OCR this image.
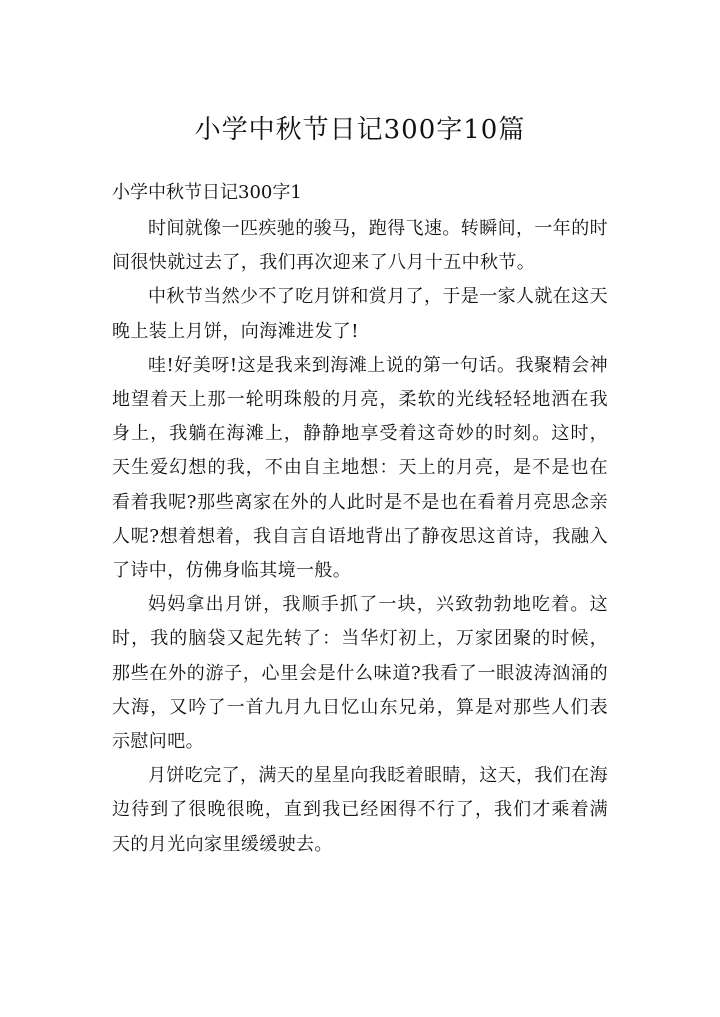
小学中秋节日记300字10篇
小学中秋节日记300字1

时间就像一匹疾驰的骏马，跑得飞速。转瞬间，一年的时间很快就过去了，我们再次迎来了八月十五中秋节。

中秋节当然少不了吃月饼和赏月了，于是一家人就在这天晚上装上月饼，向海滩进发了!

哇!好美呀!这是我来到海滩上说的第一句话。我聚精会神地望着天上那一轮明珠般的月亮，柔软的光线轻轻地洒在我身上，我躺在海滩上，静静地享受着这奇妙的时刻。这时，天生爱幻想的我，不由自主地想：天上的月亮，是不是也在看着我呢?那些离家在外的人此时是不是也在看着月亮思念亲人呢?想着想着，我自言自语地背出了静夜思这首诗，我融入了诗中，仿佛身临其境一般。

妈妈拿出月饼，我顺手抓了一块，兴致勃勃地吃着。这时，我的脑袋又起先转了：当华灯初上，万家团聚的时候，那些在外的游子，心里会是什么味道?我看了一眼波涛汹涌的大海，又吟了一首九月九日忆山东兄弟，算是对那些人们表示慰问吧。

月饼吃完了，满天的星星向我眨着眼睛，这天，我们在海边待到了很晚很晚，直到我已经困得不行了，我们才乘着满天的月光向家里缓缓驶去。
